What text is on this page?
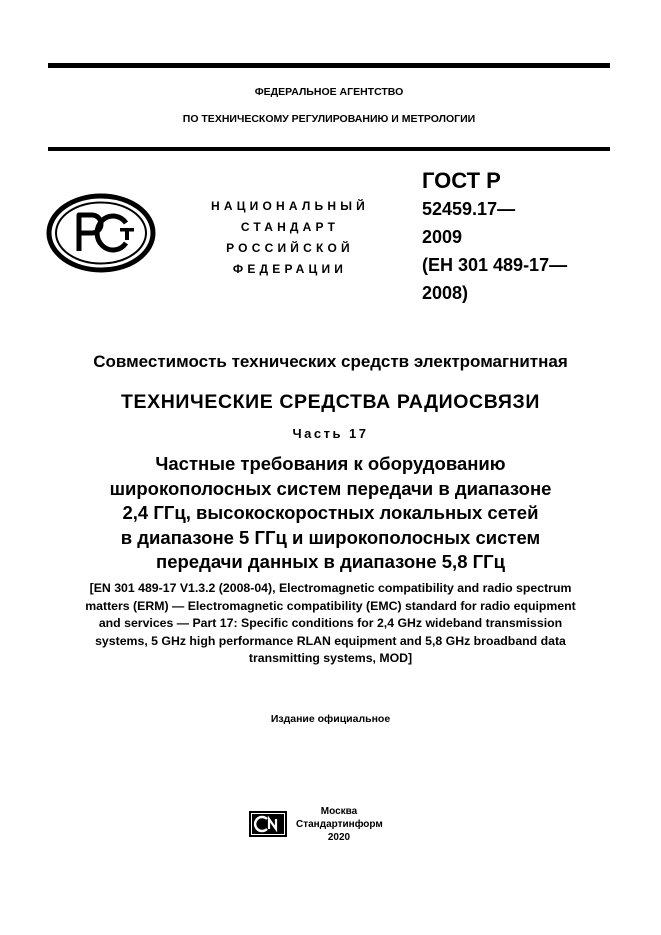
ФЕДЕРАЛЬНОЕ АГЕНТСТВО
ПО ТЕХНИЧЕСКОМУ РЕГУЛИРОВАНИЮ И МЕТРОЛОГИИ
НАЦИОНАЛЬНЫЙ
СТАНДАРТ
РОССИЙСКОЙ
ФЕДЕРАЦИИ
ГОСТ Р
52459.17—
2009
(ЕН 301 489-17—
2008)
Совместимость технических средств электромагнитная
ТЕХНИЧЕСКИЕ СРЕДСТВА РАДИОСВЯЗИ
Часть 17
Частные требования к оборудованию
широкополосных систем передачи в диапазоне
2,4 ГГц, высокоскоростных локальных сетей
в диапазоне 5 ГГц и широкополосных систем
передачи данных в диапазоне 5,8 ГГц
[EN 301 489-17 V1.3.2 (2008-04), Electromagnetic compatibility and radio spectrum
matters (ERM) — Electromagnetic compatibility (EMC) standard for radio equipment
and services — Part 17: Specific conditions for 2,4 GHz wideband transmission
systems, 5 GHz high performance RLAN equipment and 5,8 GHz broadband data
transmitting systems, MOD]
Издание официальное
Москва
Стандартинформ
2020
